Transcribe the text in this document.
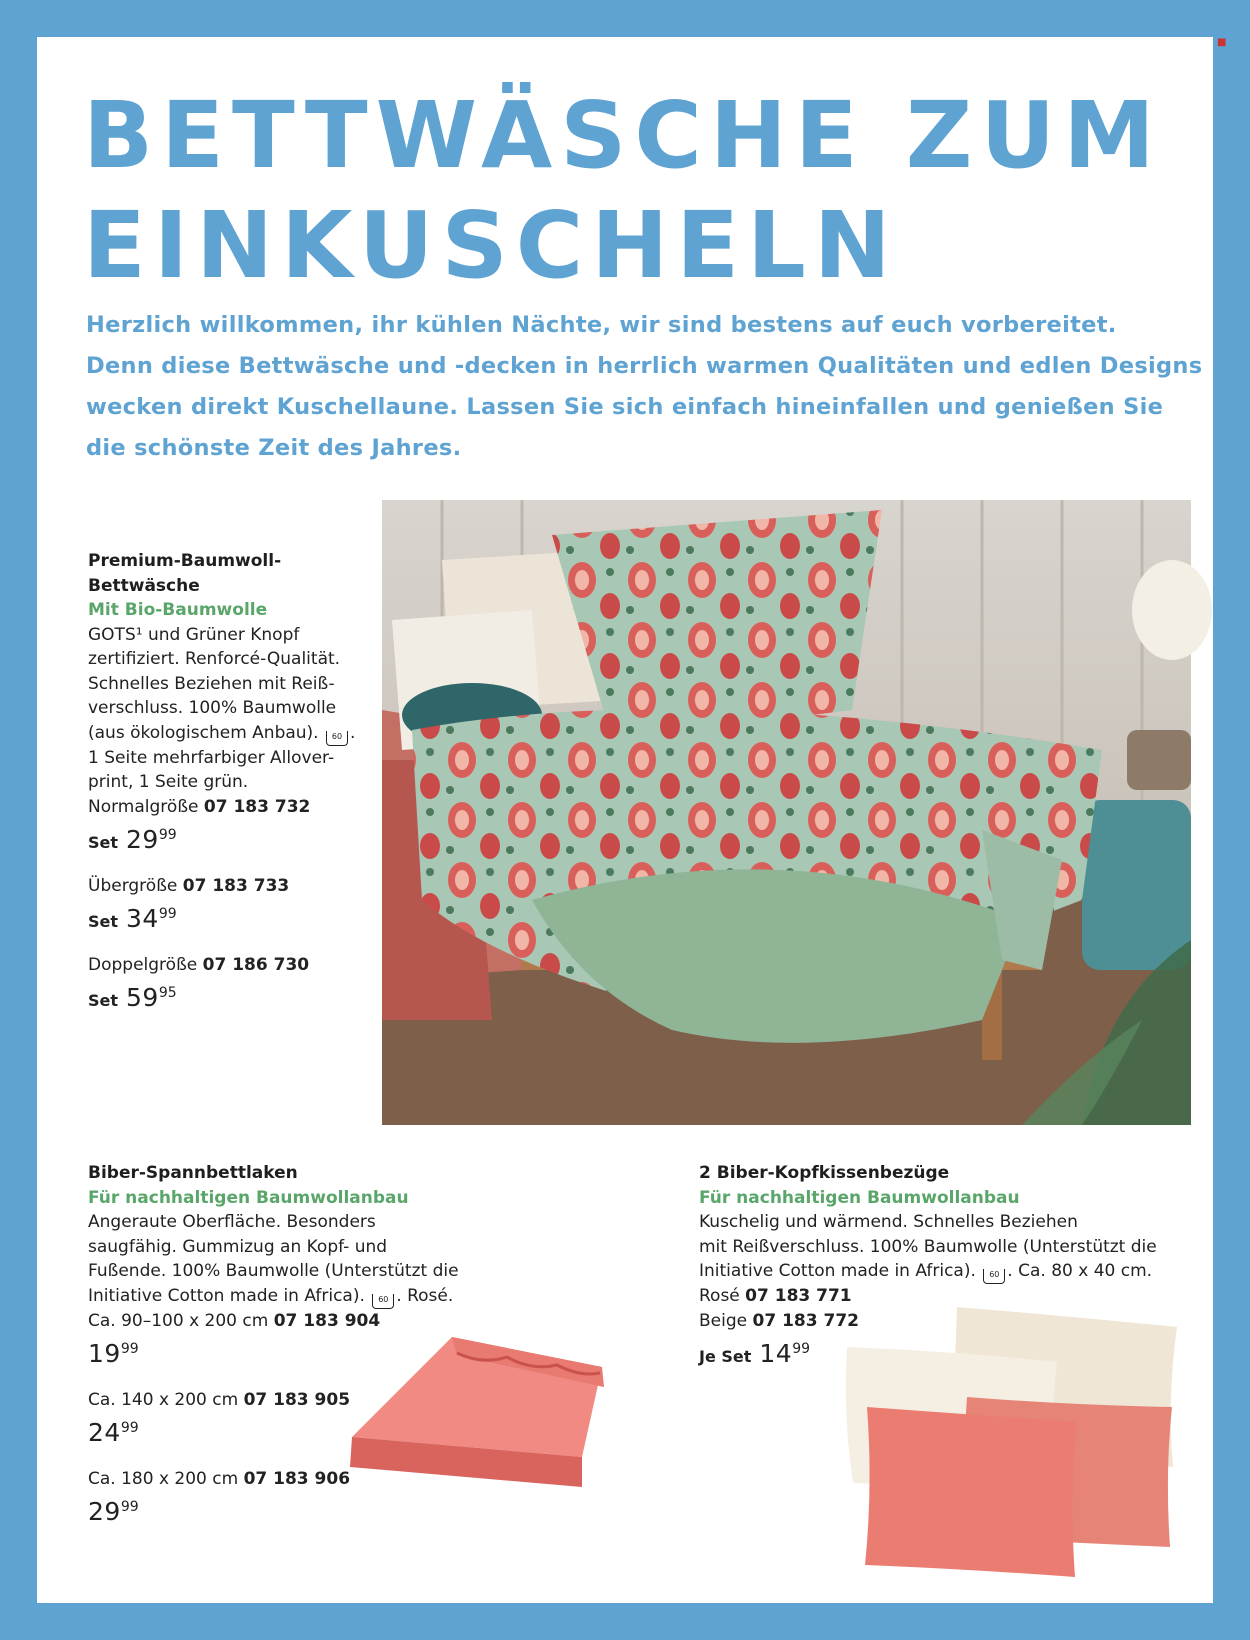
■
BETTWÄSCHE ZUM
EINKUSCHELN

Herzlich willkommen, ihr kühlen Nächte, wir sind bestens auf euch vorbereitet.
Denn diese Bettwäsche und -decken in herrlich warmen Qualitäten und edlen Designs
wecken direkt Kuschellaune. Lassen Sie sich einfach hineinfallen und genießen Sie
die schönste Zeit des Jahres.

Premium-Baumwoll-
Bettwäsche
Mit Bio-Baumwolle
GOTS¹ und Grüner Knopf
zertifiziert. Renforcé-Qualität.
Schnelles Beziehen mit Reiß-
verschluss. 100% Baumwolle
(aus ökologischem Anbau). 60 .
1 Seite mehrfarbiger Allover-
print, 1 Seite grün.
Normalgröße 07 183 732
Set $29^{99}$
Übergröße 07 183 733
Set $34^{99}$
Doppelgröße 07 186 730
Set $59^{95}$
Biber-Spannbettlaken
Für nachhaltigen Baumwollanbau
Angeraute Oberfläche. Besonders
saugfähig. Gummizug an Kopf- und
Fußende. 100% Baumwolle (Unterstützt die
Initiative Cotton made in Africa). 60 . Rosé.
Ca. 90–100 x 200 cm 07 183 904
$19^{99}$
Ca. 140 x 200 cm 07 183 905
$24^{99}$
Ca. 180 x 200 cm 07 183 906
$29^{99}$
2 Biber-Kopfkissenbezüge
Für nachhaltigen Baumwollanbau
Kuschelig und wärmend. Schnelles Beziehen
mit Reißverschluss. 100% Baumwolle (Unterstützt die
Initiative Cotton made in Africa). 60 . Ca. 80 x 40 cm.
Rosé 07 183 771
Beige 07 183 772
Je Set $14^{99}$
